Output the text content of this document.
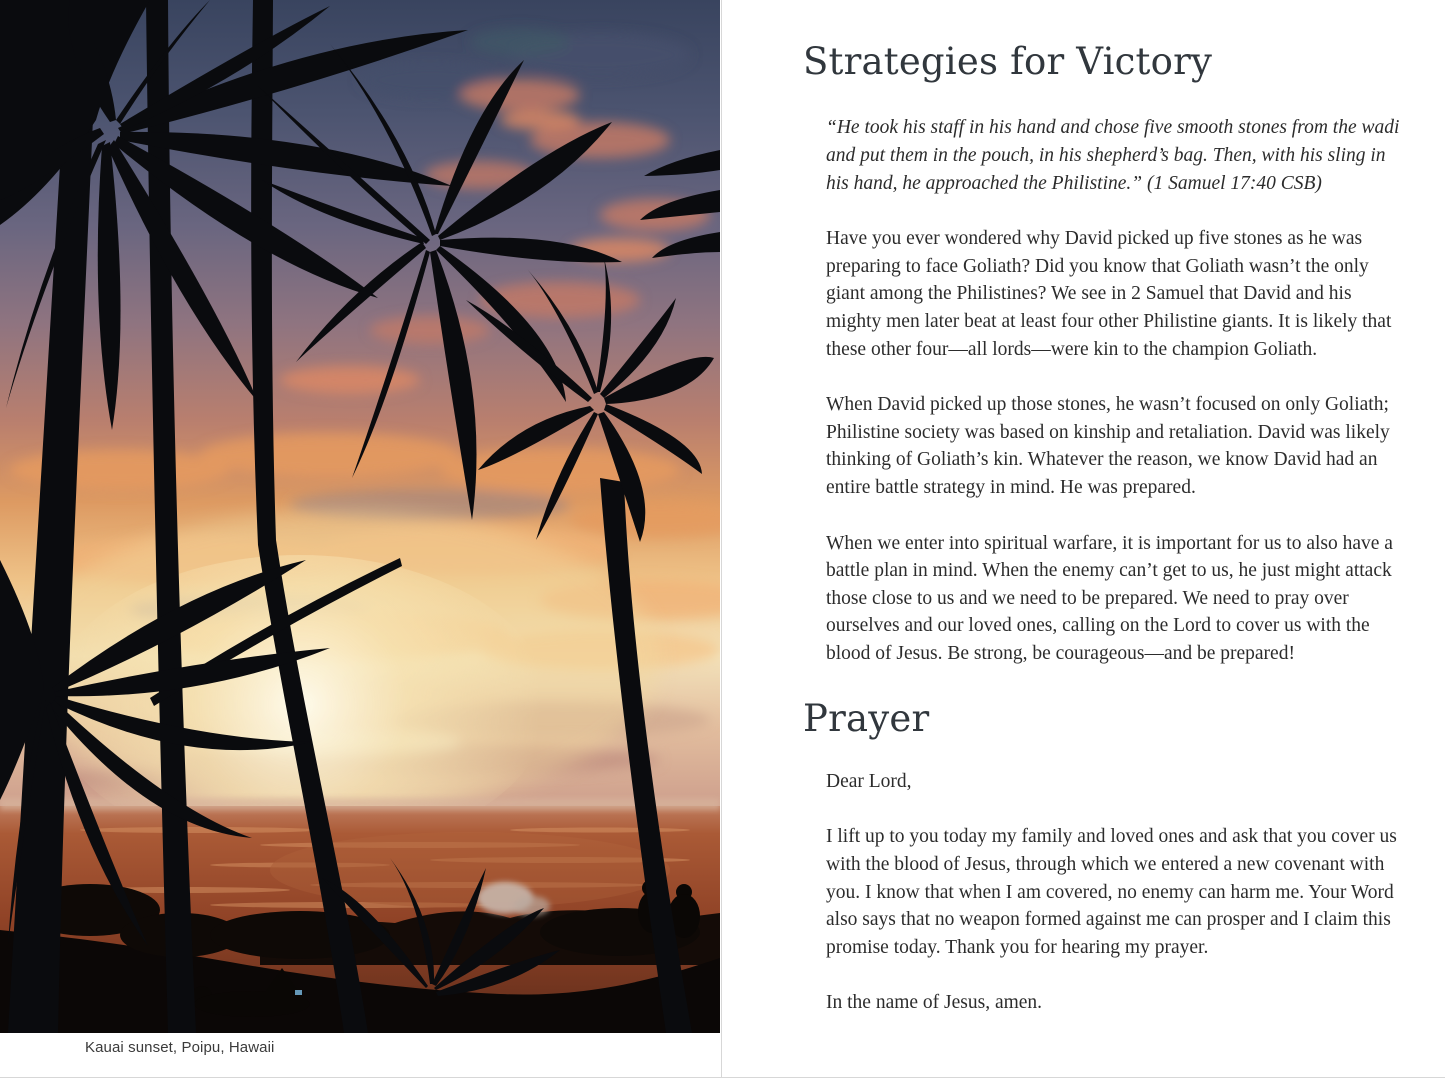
Kauai sunset, Poipu, Hawaii
Strategies for Victory
“He took his staff in his hand and chose five smooth stones from the wadi and put them in the pouch, in his shepherd’s bag. Then, with his sling in his hand, he approached the Philistine.” (1 Samuel 17:40 CSB)

Have you ever wondered why David picked up five stones as he was preparing to face Goliath? Did you know that Goliath wasn’t the only giant among the Philistines? We see in 2 Samuel that David and his mighty men later beat at least four other Philistine giants. It is likely that these other four—all lords—were kin to the champion Goliath.

When David picked up those stones, he wasn’t focused on only Goliath; Philistine society was based on kinship and retaliation. David was likely thinking of Goliath’s kin. Whatever the reason, we know David had an entire battle strategy in mind. He was prepared.

When we enter into spiritual warfare, it is important for us to also have a battle plan in mind. When the enemy can’t get to us, he just might attack those close to us and we need to be prepared. We need to pray over ourselves and our loved ones, calling on the Lord to cover us with the blood of Jesus. Be strong, be courageous—and be prepared!

Prayer

Dear Lord,

I lift up to you today my family and loved ones and ask that you cover us with the blood of Jesus, through which we entered a new covenant with you. I know that when I am covered, no enemy can harm me. Your Word also says that no weapon formed against me can prosper and I claim this promise today. Thank you for hearing my prayer.

In the name of Jesus, amen.
